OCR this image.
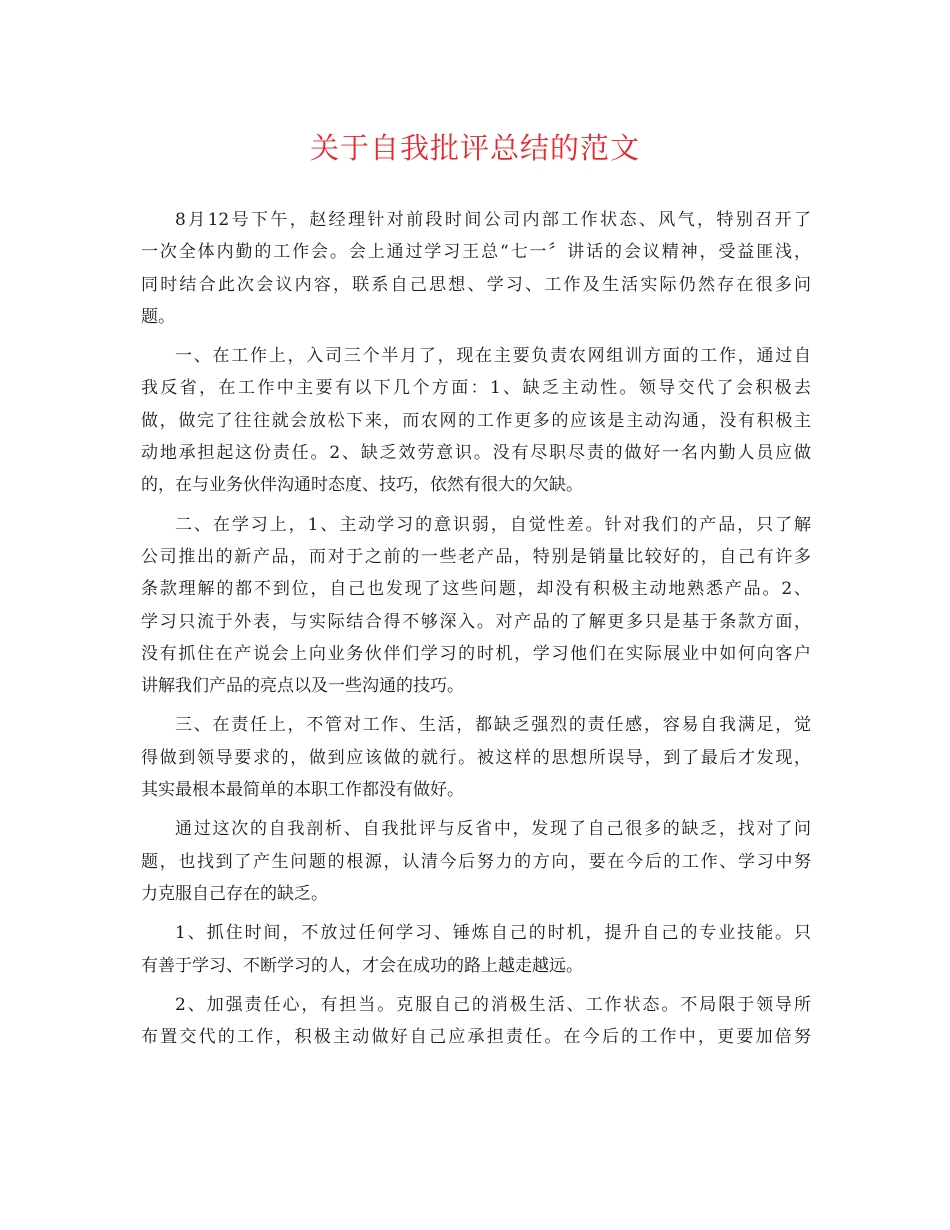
关于自我批评总结的范文
8月12号下午，赵经理针对前段时间公司内部工作状态、风气，特别召开了
一次全体内勤的工作会。会上通过学习王总“七一〞讲话的会议精神，受益匪浅，
同时结合此次会议内容，联系自己思想、学习、工作及生活实际仍然存在很多问
题。
一、在工作上，入司三个半月了，现在主要负责农网组训方面的工作，通过自
我反省，在工作中主要有以下几个方面：1、缺乏主动性。领导交代了会积极去
做，做完了往往就会放松下来，而农网的工作更多的应该是主动沟通，没有积极主
动地承担起这份责任。2、缺乏效劳意识。没有尽职尽责的做好一名内勤人员应做
的，在与业务伙伴沟通时态度、技巧，依然有很大的欠缺。
二、在学习上，1、主动学习的意识弱，自觉性差。针对我们的产品，只了解
公司推出的新产品，而对于之前的一些老产品，特别是销量比较好的，自己有许多
条款理解的都不到位，自己也发现了这些问题，却没有积极主动地熟悉产品。2、
学习只流于外表，与实际结合得不够深入。对产品的了解更多只是基于条款方面，
没有抓住在产说会上向业务伙伴们学习的时机，学习他们在实际展业中如何向客户
讲解我们产品的亮点以及一些沟通的技巧。
三、在责任上，不管对工作、生活，都缺乏强烈的责任感，容易自我满足，觉
得做到领导要求的，做到应该做的就行。被这样的思想所误导，到了最后才发现，
其实最根本最简单的本职工作都没有做好。
通过这次的自我剖析、自我批评与反省中，发现了自己很多的缺乏，找对了问
题，也找到了产生问题的根源，认清今后努力的方向，要在今后的工作、学习中努
力克服自己存在的缺乏。
1、抓住时间，不放过任何学习、锤炼自己的时机，提升自己的专业技能。只
有善于学习、不断学习的人，才会在成功的路上越走越远。
2、加强责任心，有担当。克服自己的消极生活、工作状态。不局限于领导所
布置交代的工作，积极主动做好自己应承担责任。在今后的工作中，更要加倍努
